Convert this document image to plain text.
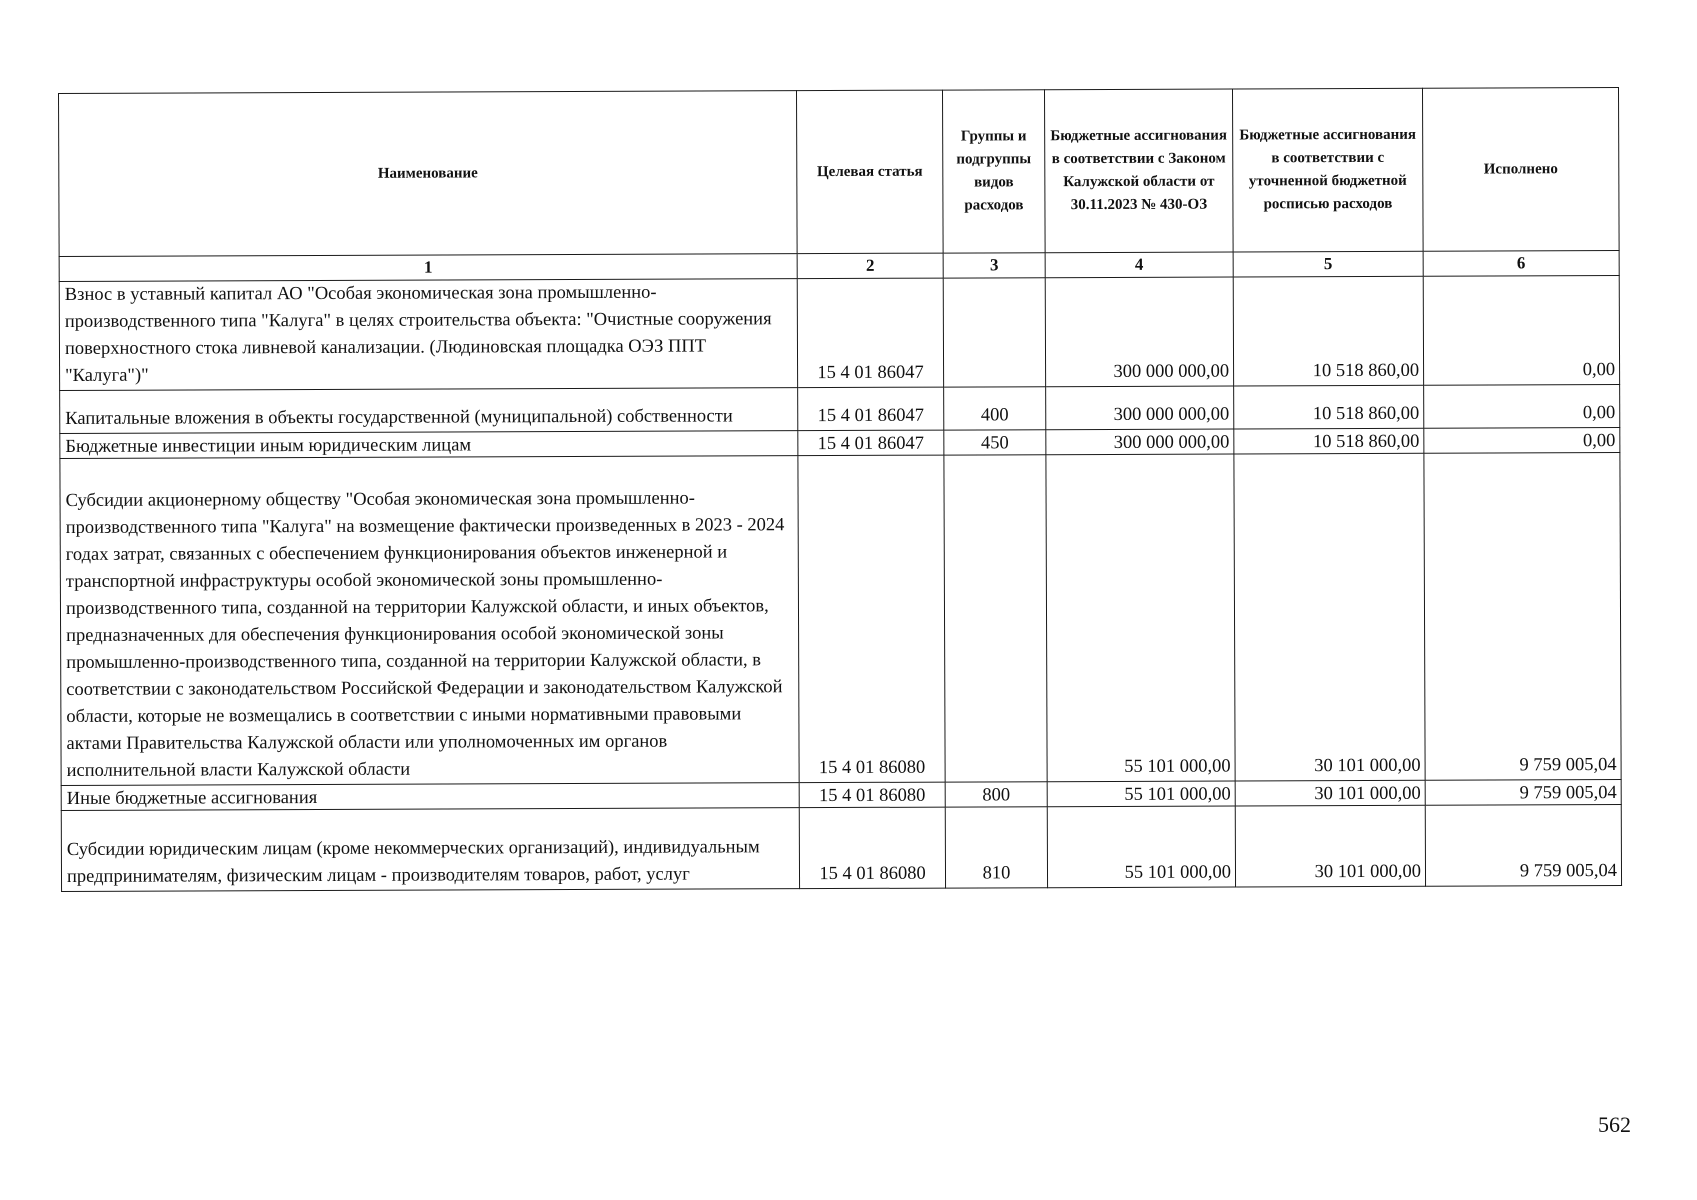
Наименование	Целевая статья	Группы и подгруппы видов расходов	Бюджетные ассигнования в соответствии с Законом Калужской области от 30.11.2023 № 430-ОЗ	Бюджетные ассигнования в соответствии с уточненной бюджетной росписью расходов	Исполнено
1	2	3	4	5	6
Взнос в уставный капитал АО "Особая экономическая зона промышленно-производственного типа "Калуга" в целях строительства объекта: "Очистные сооружения поверхностного стока ливневой канализации. (Людиновская площадка ОЭЗ ППТ "Калуга")"	15 4 01 86047		300 000 000,00	10 518 860,00	0,00
Капитальные вложения в объекты государственной (муниципальной) собственности	15 4 01 86047	400	300 000 000,00	10 518 860,00	0,00
Бюджетные инвестиции иным юридическим лицам	15 4 01 86047	450	300 000 000,00	10 518 860,00	0,00
Субсидии акционерному обществу "Особая экономическая зона промышленно-производственного типа "Калуга" на возмещение фактически произведенных в 2023 - 2024 годах затрат, связанных с обеспечением функционирования объектов инженерной и транспортной инфраструктуры особой экономической зоны промышленно-производственного типа, созданной на территории Калужской области, и иных объектов, предназначенных для обеспечения функционирования особой экономической зоны промышленно-производственного типа, созданной на территории Калужской области, в соответствии с законодательством Российской Федерации и законодательством Калужской области, которые не возмещались в соответствии с иными нормативными правовыми актами Правительства Калужской области или уполномоченных им органов исполнительной власти Калужской области	15 4 01 86080		55 101 000,00	30 101 000,00	9 759 005,04
Иные бюджетные ассигнования	15 4 01 86080	800	55 101 000,00	30 101 000,00	9 759 005,04
Субсидии юридическим лицам (кроме некоммерческих организаций), индивидуальным предпринимателям, физическим лицам - производителям товаров, работ, услуг	15 4 01 86080	810	55 101 000,00	30 101 000,00	9 759 005,04
562
